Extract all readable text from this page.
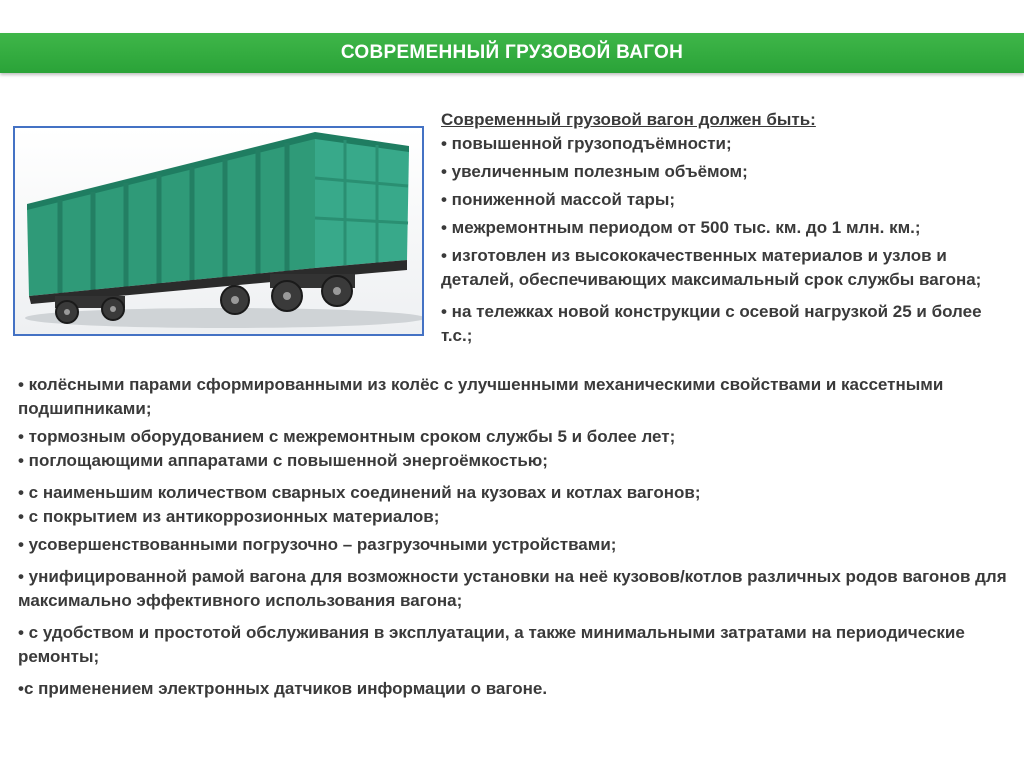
СОВРЕМЕННЫЙ ГРУЗОВОЙ ВАГОН

Современный грузовой вагон должен быть:

• повышенной грузоподъёмности;

• увеличенным полезным объёмом;

• пониженной массой тары;

• межремонтным периодом от 500 тыс. км. до 1 млн. км.;

• изготовлен из высококачественных материалов и узлов и деталей, обеспечивающих максимальный срок службы вагона;

• на тележках новой конструкции с осевой нагрузкой 25 и более т.с.;

• колёсными парами сформированными из колёс с улучшенными механическими свойствами и кассетными подшипниками;

• тормозным оборудованием с межремонтным сроком службы 5 и более лет;

• поглощающими аппаратами с повышенной энергоёмкостью;

• с наименьшим количеством сварных соединений на кузовах и котлах вагонов;

• с покрытием из антикоррозионных материалов;

• усовершенствованными погрузочно – разгрузочными устройствами;

• унифицированной рамой вагона для возможности установки на неё кузовов/котлов различных родов вагонов для максимально эффективного использования вагона;

• с удобством и простотой обслуживания в эксплуатации, а также минимальными затратами на периодические ремонты;

•с применением электронных датчиков информации о вагоне.
